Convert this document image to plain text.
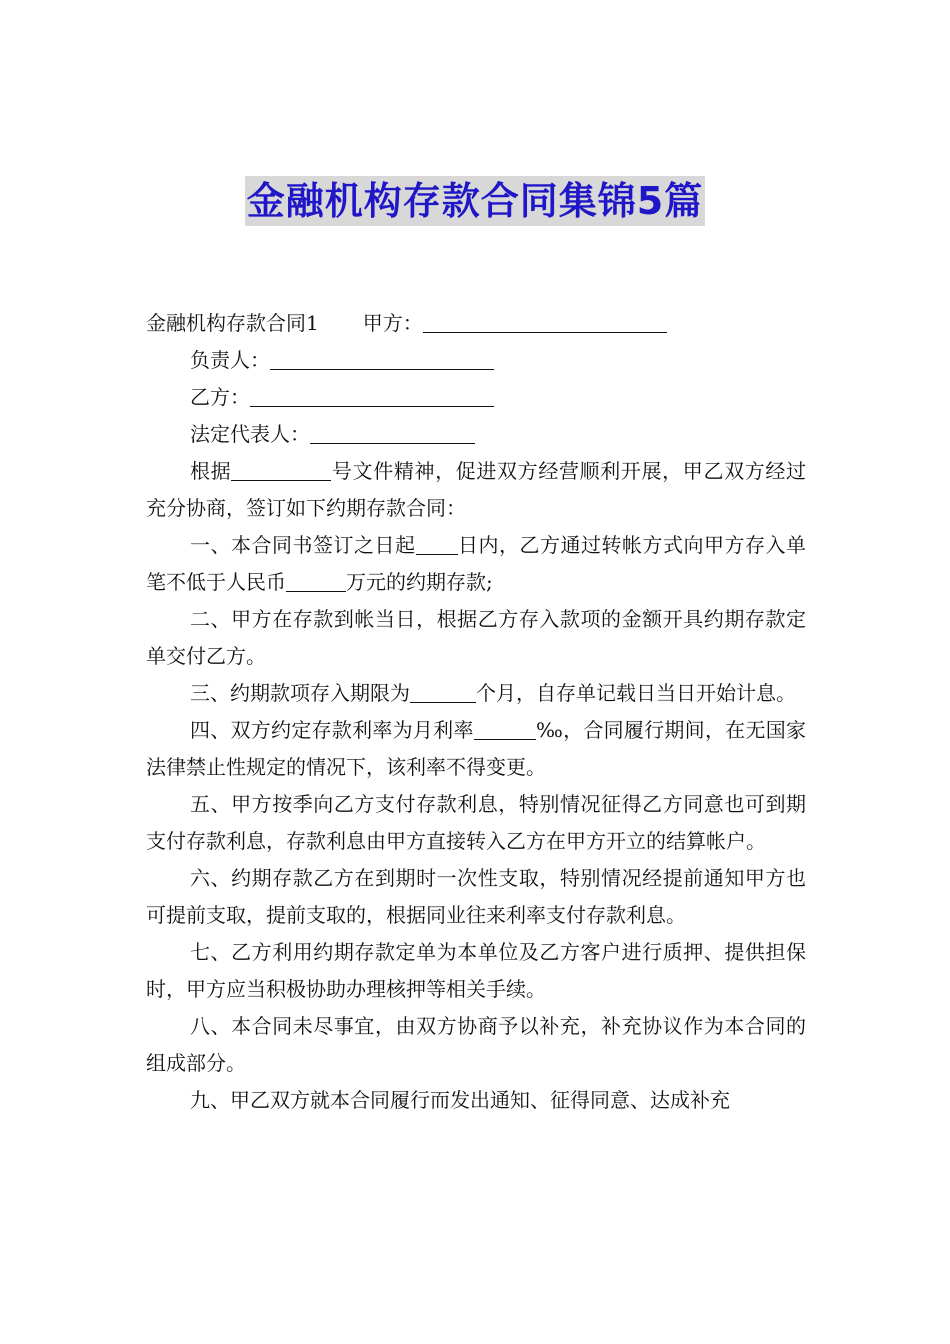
金融机构存款合同集锦5篇
金融机构存款合同1 甲方：
负责人：
乙方：
法定代表人：

根据	号文件精神，促进双方经营顺利开展，甲乙双方经过充分协商，签订如下约期存款合同：

一、本合同书签订之日起 日内，乙方通过转帐方式向甲方存入单笔不低于人民币	万元的约期存款;

二、甲方在存款到帐当日，根据乙方存入款项的金额开具约期存款定单交付乙方。

三、约期款项存入期限为	个月，自存单记载日当日开始计息。

四、双方约定存款利率为月利率	‰，合同履行期间，在无国家法律禁止性规定的情况下，该利率不得变更。

五、甲方按季向乙方支付存款利息，特别情况征得乙方同意也可到期支付存款利息，存款利息由甲方直接转入乙方在甲方开立的结算帐户。

六、约期存款乙方在到期时一次性支取，特别情况经提前通知甲方也可提前支取，提前支取的，根据同业往来利率支付存款利息。

七、乙方利用约期存款定单为本单位及乙方客户进行质押、提供担保时，甲方应当积极协助办理核押等相关手续。

八、本合同未尽事宜，由双方协商予以补充，补充协议作为本合同的组成部分。

九、甲乙双方就本合同履行而发出通知、征得同意、达成补充
